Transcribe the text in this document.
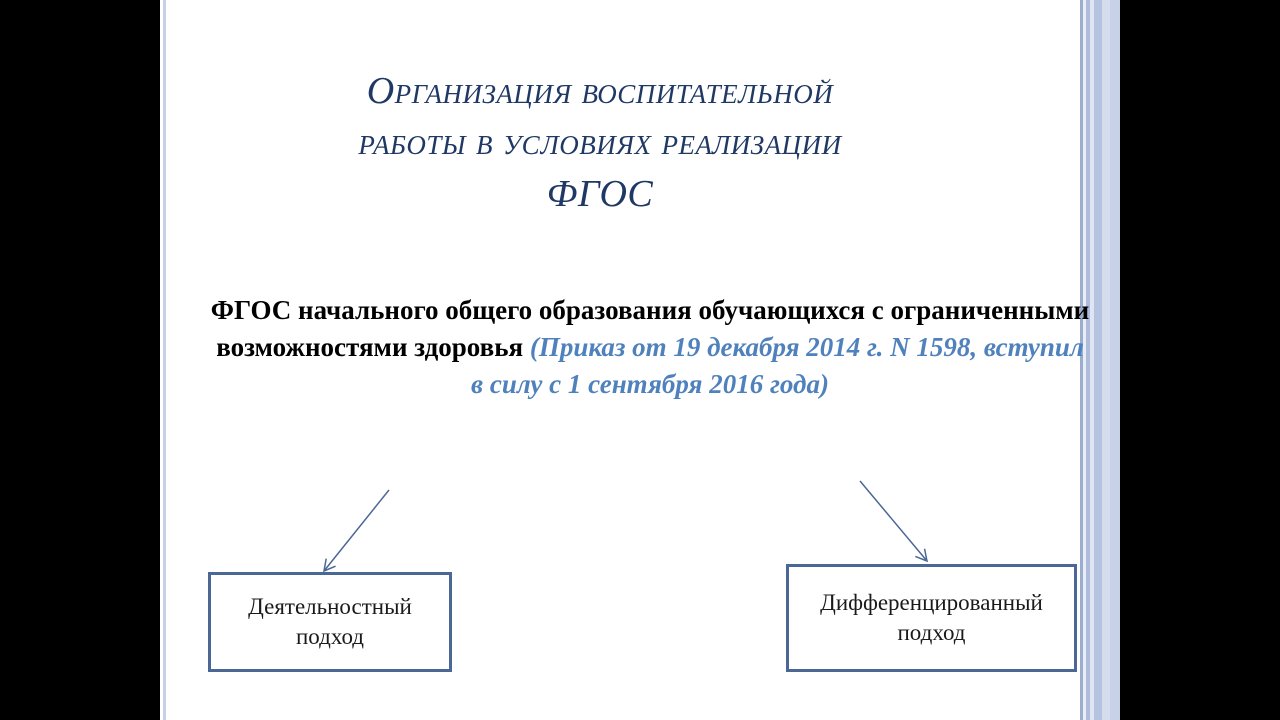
Организация воспитательной
работы в условиях реализации
ФГОС
ФГОС начального общего образования обучающихся с ограниченными возможностями здоровья (Приказ от 19 декабря 2014 г. N 1598, вступил в силу с 1 сентября 2016 года)
Деятельностный
подход
Дифференцированный
подход
